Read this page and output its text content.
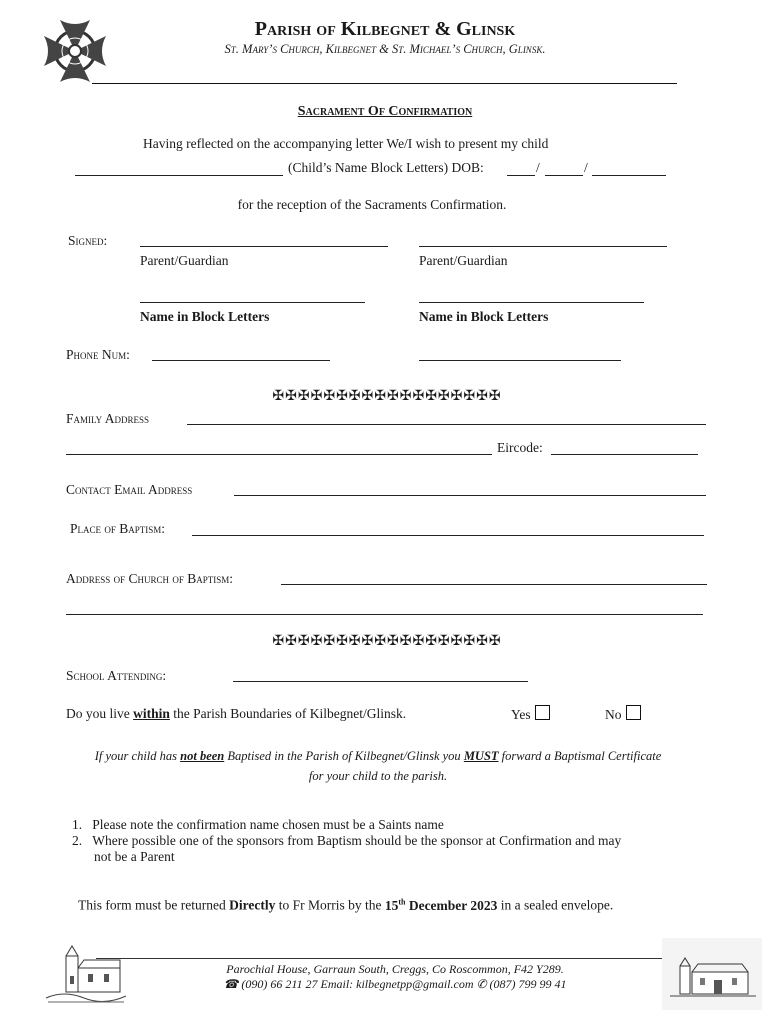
Parish of Kilbegnet & Glinsk
St. Mary’s Church, Kilbegnet & St. Michael’s Church, Glinsk.
Sacrament Of Confirmation
Having reflected on the accompanying letter We/I wish to present my child
(Child’s Name Block Letters) DOB:	/	/
for the reception of the Sacraments Confirmation.
Signed:
Parent/Guardian	Parent/Guardian
Name in Block Letters	Name in Block Letters
Phone Num:
✠✠✠✠✠✠✠✠✠✠✠✠✠✠✠✠✠✠
Family Address
Eircode:
Contact Email Address
Place of Baptism:
Address of Church of Baptism:
✠✠✠✠✠✠✠✠✠✠✠✠✠✠✠✠✠✠
School Attending:
Do you live within the Parish Boundaries of Kilbegnet/Glinsk.	Yes	No
If your child has not been Baptised in the Parish of Kilbegnet/Glinsk you MUST forward a Baptismal Certificate
for your child to the parish.
1.   Please note the confirmation name chosen must be a Saints name
2.   Where possible one of the sponsors from Baptism should be the sponsor at Confirmation and may
not be a Parent
This form must be returned Directly to Fr Morris by the 15th December 2023 in a sealed envelope.
Parochial House, Garraun South, Creggs, Co Roscommon, F42 Y289.
☎ (090) 66 211 27 Email: kilbegnetpp@gmail.com ✆ (087) 799 99 41
